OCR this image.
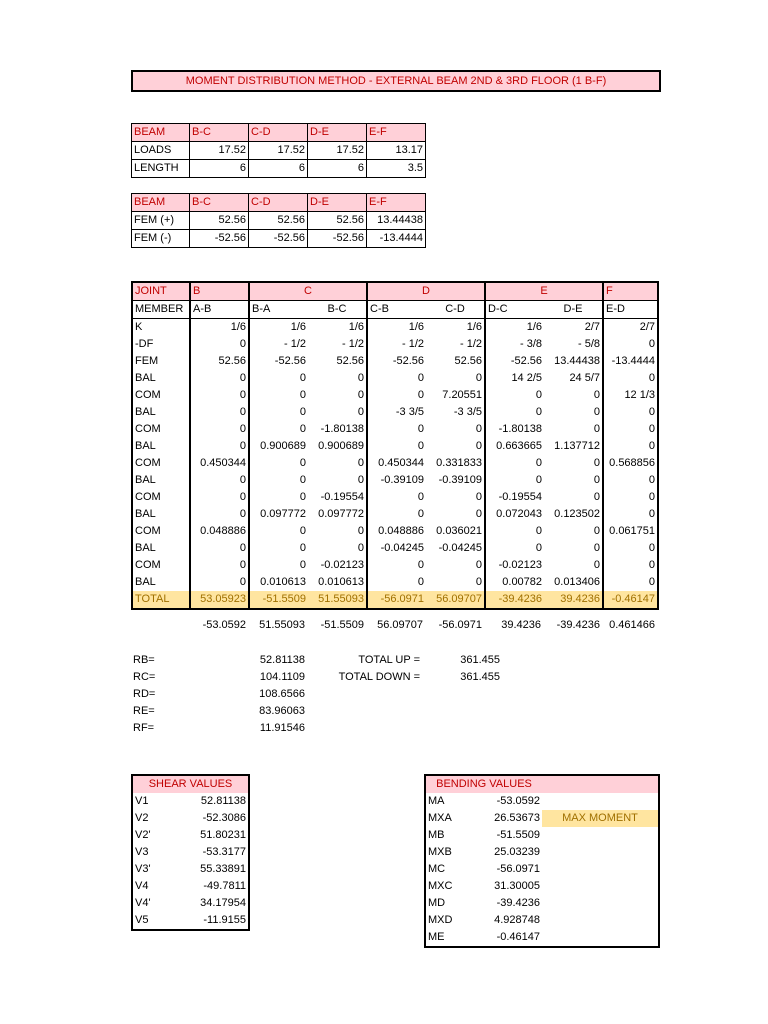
MOMENT DISTRIBUTION METHOD - EXTERNAL BEAM 2ND & 3RD FLOOR (1 B-F)
BEAM	B-C	C-D	D-E	E-F
LOADS	17.52	17.52	17.52	13.17
LENGTH	6	6	6	3.5
BEAM	B-C	C-D	D-E	E-F
FEM (+)	52.56	52.56	52.56	13.44438
FEM (-)	-52.56	-52.56	-52.56	-13.4444
JOINT	B	C		D		E		F
MEMBER	A-B	B-A	B-C	C-B	C-D	D-C	D-E	E-D
K	1/6	1/6	1/6	1/6	1/6	1/6	2/7	2/7
-DF	0	- 1/2	- 1/2	- 1/2	- 1/2	- 3/8	- 5/8	0
FEM	52.56	-52.56	52.56	-52.56	52.56	-52.56	13.44438	-13.4444
BAL	0	0	0	0	0	14 2/5	24 5/7	0
COM	0	0	0	0	7.20551	0	0	12 1/3
BAL	0	0	0	-3 3/5	-3 3/5	0	0	0
COM	0	0	-1.80138	0	0	-1.80138	0	0
BAL	0	0.900689	0.900689	0	0	0.663665	1.137712	0
COM	0.450344	0	0	0.450344	0.331833	0	0	0.568856
BAL	0	0	0	-0.39109	-0.39109	0	0	0
COM	0	0	-0.19554	0	0	-0.19554	0	0
BAL	0	0.097772	0.097772	0	0	0.072043	0.123502	0
COM	0.048886	0	0	0.048886	0.036021	0	0	0.061751
BAL	0	0	0	-0.04245	-0.04245	0	0	0
COM	0	0	-0.02123	0	0	-0.02123	0	0
BAL	0	0.010613	0.010613	0	0	0.00782	0.013406	0
TOTAL	53.05923	-51.5509	51.55093	-56.0971	56.09707	-39.4236	39.4236	-0.46147
	-53.0592	51.55093	-51.5509	56.09707	-56.0971	39.4236	-39.4236	0.461466
RB=	52.81138	TOTAL UP =	361.455	
RC=	104.1109	TOTAL DOWN =	361.455	
RD=	108.6566			
RE=	83.96063			
RF=	11.91546			
SHEAR VALUES	
V1	52.81138
V2	-52.3086
V2'	51.80231
V3	-53.3177
V3'	55.33891
V4	-49.7811
V4'	34.17954
V5	-11.9155
BENDING VALUES		
MA	-53.0592	
MXA	26.53673	MAX MOMENT
MB	-51.5509	
MXB	25.03239	
MC	-56.0971	
MXC	31.30005	
MD	-39.4236	
MXD	4.928748	
ME	-0.46147	
